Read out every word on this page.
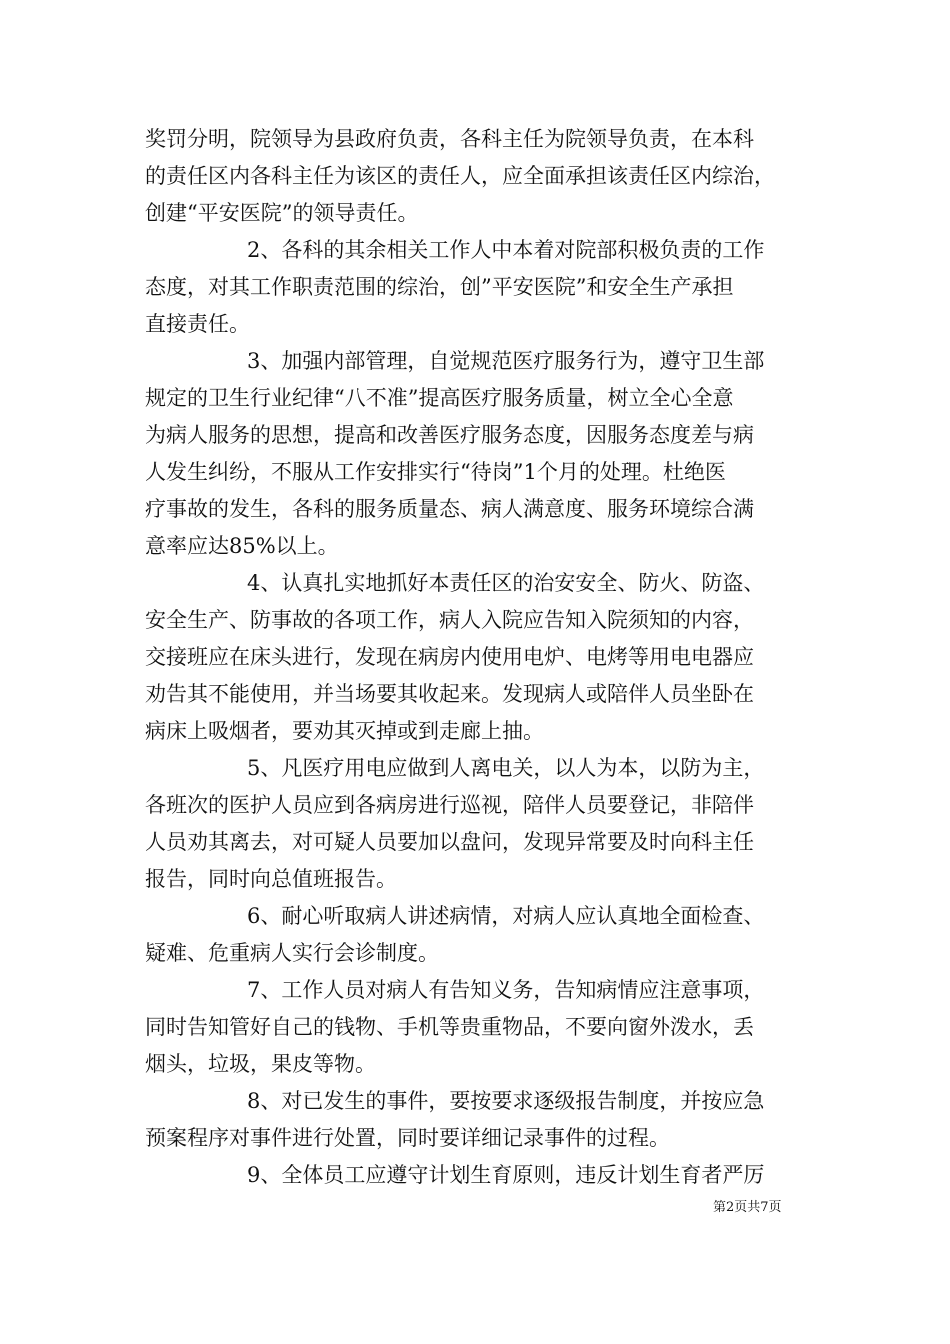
奖罚分明，院领导为县政府负责，各科主任为院领导负责，在本科
的责任区内各科主任为该区的责任人，应全面承担该责任区内综治，
创建“平安医院”的领导责任。
2、各科的其余相关工作人中本着对院部积极负责的工作
态度，对其工作职责范围的综治，创”平安医院”和安全生产承担
直接责任。
3、加强内部管理，自觉规范医疗服务行为，遵守卫生部
规定的卫生行业纪律“八不准”提高医疗服务质量，树立全心全意
为病人服务的思想，提高和改善医疗服务态度，因服务态度差与病
人发生纠纷，不服从工作安排实行“待岗”1个月的处理。杜绝医
疗事故的发生，各科的服务质量态、病人满意度、服务环境综合满
意率应达85%以上。
4、认真扎实地抓好本责任区的治安安全、防火、防盗、
安全生产、防事故的各项工作，病人入院应告知入院须知的内容，
交接班应在床头进行，发现在病房内使用电炉、电烤等用电电器应
劝告其不能使用，并当场要其收起来。发现病人或陪伴人员坐卧在
病床上吸烟者，要劝其灭掉或到走廊上抽。
5、凡医疗用电应做到人离电关，以人为本，以防为主，
各班次的医护人员应到各病房进行巡视，陪伴人员要登记，非陪伴
人员劝其离去，对可疑人员要加以盘问，发现异常要及时向科主任
报告，同时向总值班报告。
6、耐心听取病人讲述病情，对病人应认真地全面检查、
疑难、危重病人实行会诊制度。
7、工作人员对病人有告知义务，告知病情应注意事项，
同时告知管好自己的钱物、手机等贵重物品，不要向窗外泼水，丢
烟头，垃圾，果皮等物。
8、对已发生的事件，要按要求逐级报告制度，并按应急
预案程序对事件进行处置，同时要详细记录事件的过程。
9、全体员工应遵守计划生育原则，违反计划生育者严厉
第2页共7页
